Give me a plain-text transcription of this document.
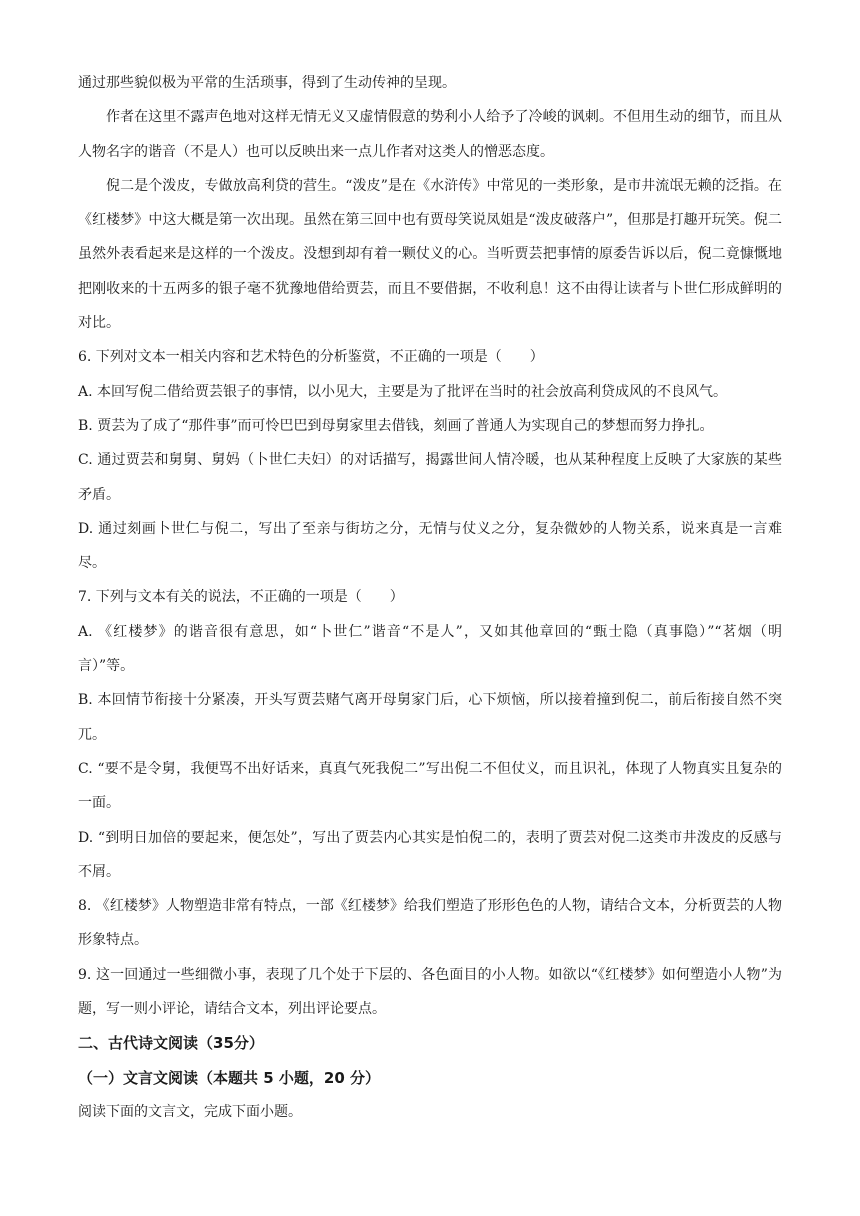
通过那些貌似极为平常的生活琐事，得到了生动传神的呈现。

作者在这里不露声色地对这样无情无义又虚情假意的势利小人给予了冷峻的讽刺。不但用生动的细节，而且从人物名字的谐音（不是人）也可以反映出来一点儿作者对这类人的憎恶态度。

倪二是个泼皮，专做放高利贷的营生。“泼皮”是在《水浒传》中常见的一类形象，是市井流氓无赖的泛指。在《红楼梦》中这大概是第一次出现。虽然在第三回中也有贾母笑说凤姐是“泼皮破落户”，但那是打趣开玩笑。倪二虽然外表看起来是这样的一个泼皮。没想到却有着一颗仗义的心。当听贾芸把事情的原委告诉以后，倪二竟慷慨地把刚收来的十五两多的银子毫不犹豫地借给贾芸，而且不要借据，不收利息！这不由得让读者与卜世仁形成鲜明的对比。

6. 下列对文本一相关内容和艺术特色的分析鉴赏，不正确的一项是（　　）

A. 本回写倪二借给贾芸银子的事情，以小见大，主要是为了批评在当时的社会放高利贷成风的不良风气。

B. 贾芸为了成了“那件事”而可怜巴巴到母舅家里去借钱，刻画了普通人为实现自己的梦想而努力挣扎。

C. 通过贾芸和舅舅、舅妈（卜世仁夫妇）的对话描写，揭露世间人情冷暖，也从某种程度上反映了大家族的某些矛盾。

D. 通过刻画卜世仁与倪二，写出了至亲与街坊之分，无情与仗义之分，复杂微妙的人物关系，说来真是一言难尽。

7. 下列与文本有关的说法，不正确的一项是（　　）

A. 《红楼梦》的谐音很有意思，如“卜世仁”谐音“不是人”，又如其他章回的“甄士隐（真事隐）”“茗烟（明言）”等。

B. 本回情节衔接十分紧凑，开头写贾芸赌气离开母舅家门后，心下烦恼，所以接着撞到倪二，前后衔接自然不突兀。

C. “要不是令舅，我便骂不出好话来，真真气死我倪二”写出倪二不但仗义，而且识礼，体现了人物真实且复杂的一面。

D. “到明日加倍的要起来，便怎处”，写出了贾芸内心其实是怕倪二的，表明了贾芸对倪二这类市井泼皮的反感与不屑。

8. 《红楼梦》人物塑造非常有特点，一部《红楼梦》给我们塑造了形形色色的人物，请结合文本，分析贾芸的人物形象特点。

9. 这一回通过一些细微小事，表现了几个处于下层的、各色面目的小人物。如欲以“《红楼梦》如何塑造小人物”为题，写一则小评论，请结合文本，列出评论要点。

二、古代诗文阅读（35分）

（一）文言文阅读（本题共 5 小题，20 分）

阅读下面的文言文，完成下面小题。
